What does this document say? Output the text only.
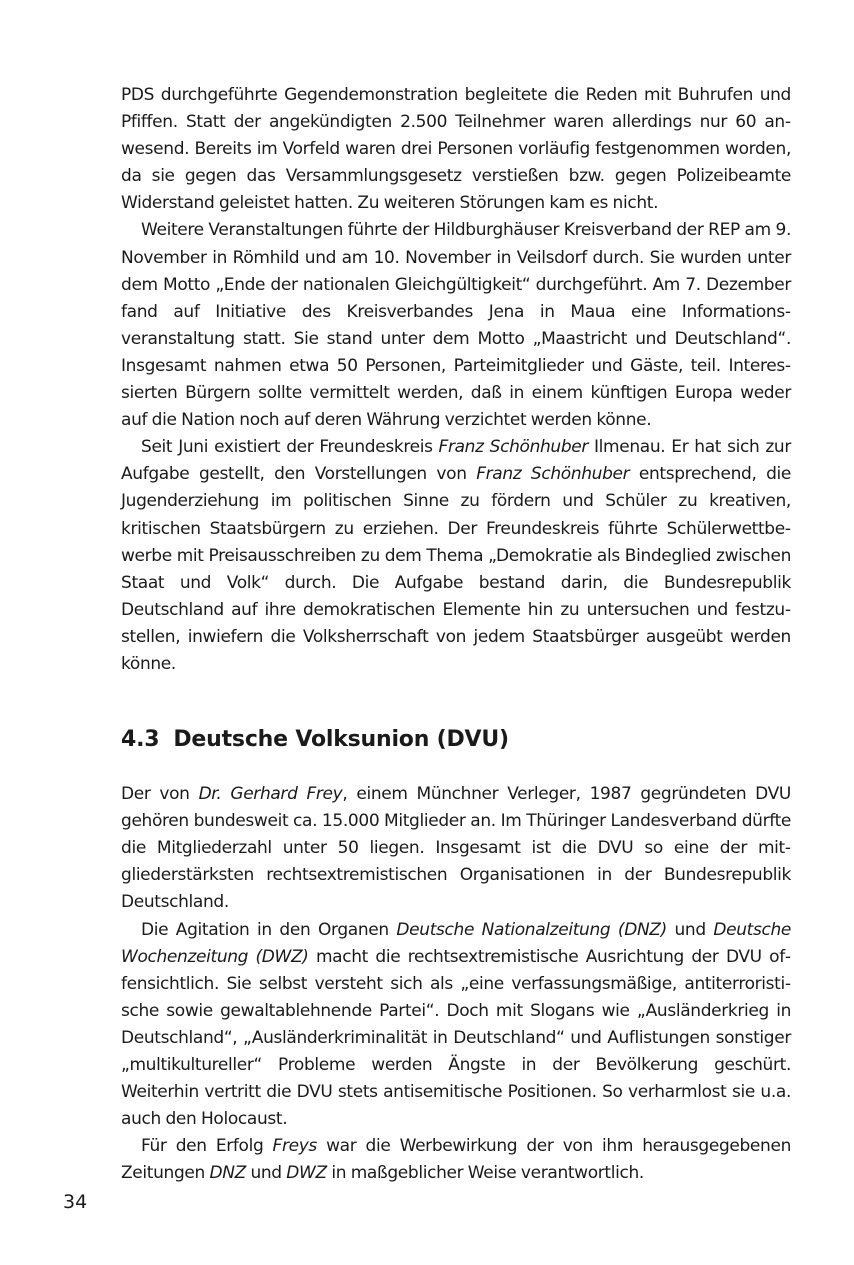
PDS durchgeführte Gegendemonstration begleitete die Reden mit Buhrufen und Pfiffen. Statt der angekündigten 2.500 Teilnehmer waren allerdings nur 60 anwesend. Bereits im Vorfeld waren drei Personen vorläufig festgenommen worden, da sie gegen das Versammlungsgesetz verstießen bzw. gegen Polizeibeamte Widerstand geleistet hatten. Zu weiteren Störungen kam es nicht.

Weitere Veranstaltungen führte der Hildburghäuser Kreisverband der REP am 9. November in Römhild und am 10. November in Veilsdorf durch. Sie wurden unter dem Motto „Ende der nationalen Gleichgültigkeit“ durchgeführt. Am 7. Dezember fand auf Initiative des Kreisverbandes Jena in Maua eine Informationsveranstaltung statt. Sie stand unter dem Motto „Maastricht und Deutschland“. Insgesamt nahmen etwa 50 Personen, Parteimitglieder und Gäste, teil. Interessierten Bürgern sollte vermittelt werden, daß in einem künftigen Europa weder auf die Nation noch auf deren Währung verzichtet werden könne.

Seit Juni existiert der Freundeskreis Franz Schönhuber Ilmenau. Er hat sich zur Aufgabe gestellt, den Vorstellungen von Franz Schönhuber entsprechend, die Jugenderziehung im politischen Sinne zu fördern und Schüler zu kreativen, kritischen Staatsbürgern zu erziehen. Der Freundeskreis führte Schülerwettbewerbe mit Preisausschreiben zu dem Thema „Demokratie als Bindeglied zwischen Staat und Volk“ durch. Die Aufgabe bestand darin, die Bundesrepublik Deutschland auf ihre demokratischen Elemente hin zu untersuchen und festzustellen, inwiefern die Volksherrschaft von jedem Staatsbürger ausgeübt werden könne.

4.3 Deutsche Volksunion (DVU)

Der von Dr. Gerhard Frey, einem Münchner Verleger, 1987 gegründeten DVU gehören bundesweit ca. 15.000 Mitglieder an. Im Thüringer Landesverband dürfte die Mitgliederzahl unter 50 liegen. Insgesamt ist die DVU so eine der mitgliederstärksten rechtsextremistischen Organisationen in der Bundesrepublik Deutschland.

Die Agitation in den Organen Deutsche Nationalzeitung (DNZ) und Deutsche Wochenzeitung (DWZ) macht die rechtsextremistische Ausrichtung der DVU offensichtlich. Sie selbst versteht sich als „eine verfassungsmäßige, antiterroristische sowie gewaltablehnende Partei“. Doch mit Slogans wie „Ausländerkrieg in Deutschland“, „Ausländerkriminalität in Deutschland“ und Auflistungen sonstiger „multikultureller“ Probleme werden Ängste in der Bevölkerung geschürt. Weiterhin vertritt die DVU stets antisemitische Positionen. So verharmlost sie u.a. auch den Holocaust.

Für den Erfolg Freys war die Werbewirkung der von ihm herausgegebenen Zeitungen DNZ und DWZ in maßgeblicher Weise verantwortlich.

34
